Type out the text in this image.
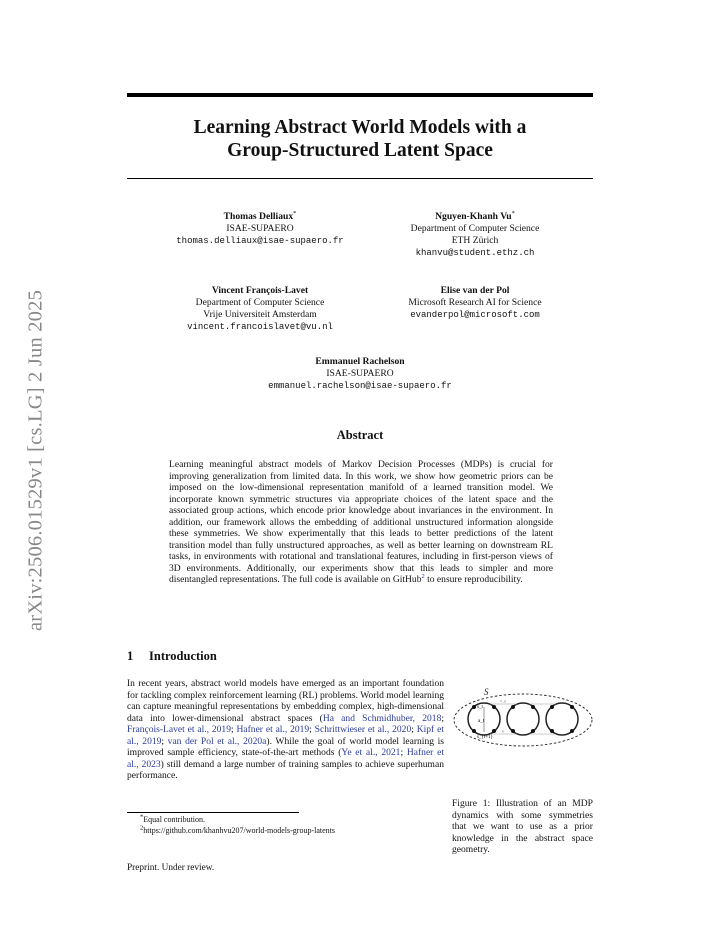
arXiv:2506.01529v1 [cs.LG] 2 Jun 2025
Learning Abstract World Models with a
Group-Structured Latent Space
Thomas Delliaux*
ISAE-SUPAERO
thomas.delliaux@isae-supaero.fr
Nguyen-Khanh Vu*
Department of Computer Science
ETH Zürich
khanvu@student.ethz.ch
Vincent François-Lavet
Department of Computer Science
Vrije Universiteit Amsterdam
vincent.francoislavet@vu.nl
Elise van der Pol
Microsoft Research AI for Science
evanderpol@microsoft.com
Emmanuel Rachelson
ISAE-SUPAERO
emmanuel.rachelson@isae-supaero.fr
Abstract
Learning meaningful abstract models of Markov Decision Processes (MDPs) is crucial for improving generalization from limited data. In this work, we show how geometric priors can be imposed on the low-dimensional representation manifold of a learned transition model. We incorporate known symmetric structures via appropriate choices of the latent space and the associated group actions, which encode prior knowledge about invariances in the environment. In addition, our framework allows the embedding of additional unstructured information alongside these symmetries. We show experimentally that this leads to better predictions of the latent transition model than fully unstructured approaches, as well as better learning on downstream RL tasks, in environments with rotational and translational features, including in first-person views of 3D environments. Additionally, our experiments show that this leads to simpler and more disentangled representations. The full code is available on GitHub$^2$ to ensure reproducibility.
1 Introduction
In recent years, abstract world models have emerged as an important foundation for tackling complex reinforcement learning (RL) problems. World model learning can capture meaningful representations by embedding complex, high-dimensional data into lower-dimensional abstract spaces (Ha and Schmidhuber, 2018; François-Lavet et al., 2019; Hafner et al., 2019; Schrittwieser et al., 2020; Kipf et al., 2019; van der Pol et al., 2020a). While the goal of world model learning is improved sample efficiency, state-of-the-art methods (Ye et al., 2021; Hafner et al., 2023) still demand a large number of training samples to achieve superhuman performance.
*Equal contribution.
$^2$https://github.com/khanhvu207/world-models-group-latents
S
s_t
a_t
s_{t+1}
α_g
g
Figure 1: Illustration of an MDP dynamics with some symmetries that we want to use as a prior knowledge in the abstract space geometry.
Preprint. Under review.
